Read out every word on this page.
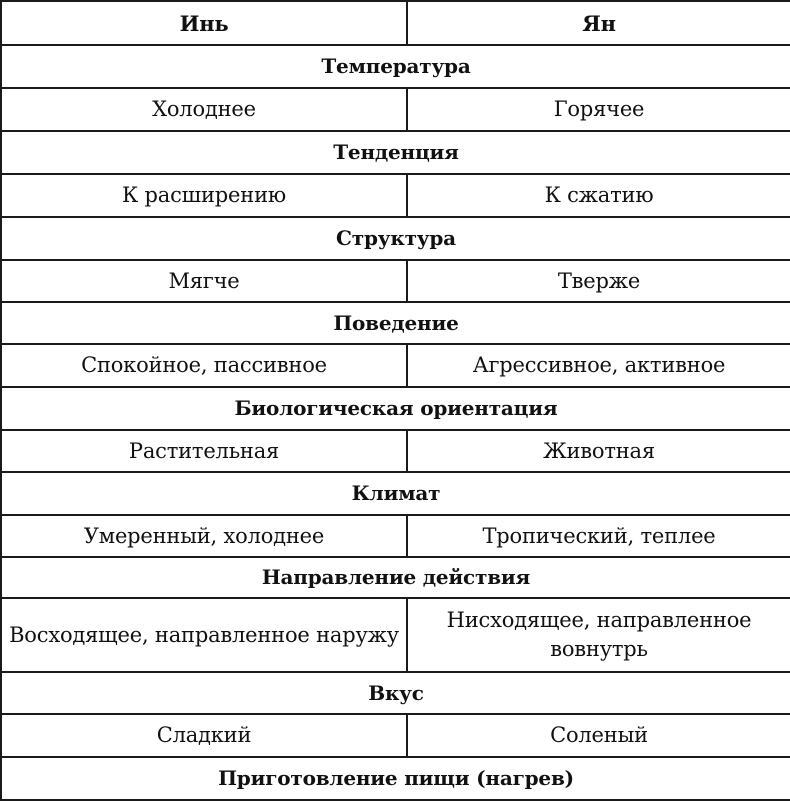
Инь	Ян
Температура	
Холоднее	Горячее
Тенденция	
К расширению	К сжатию
Структура	
Мягче	Тверже
Поведение	
Спокойное, пассивное	Агрессивное, активное
Биологическая ориентация	
Растительная	Животная
Климат	
Умеренный, холоднее	Тропический, теплее
Направление действия	
Восходящее, направленное наружу	Нисходящее, направленное вовнутрь
Вкус	
Сладкий	Соленый
Приготовление пищи (нагрев)	
